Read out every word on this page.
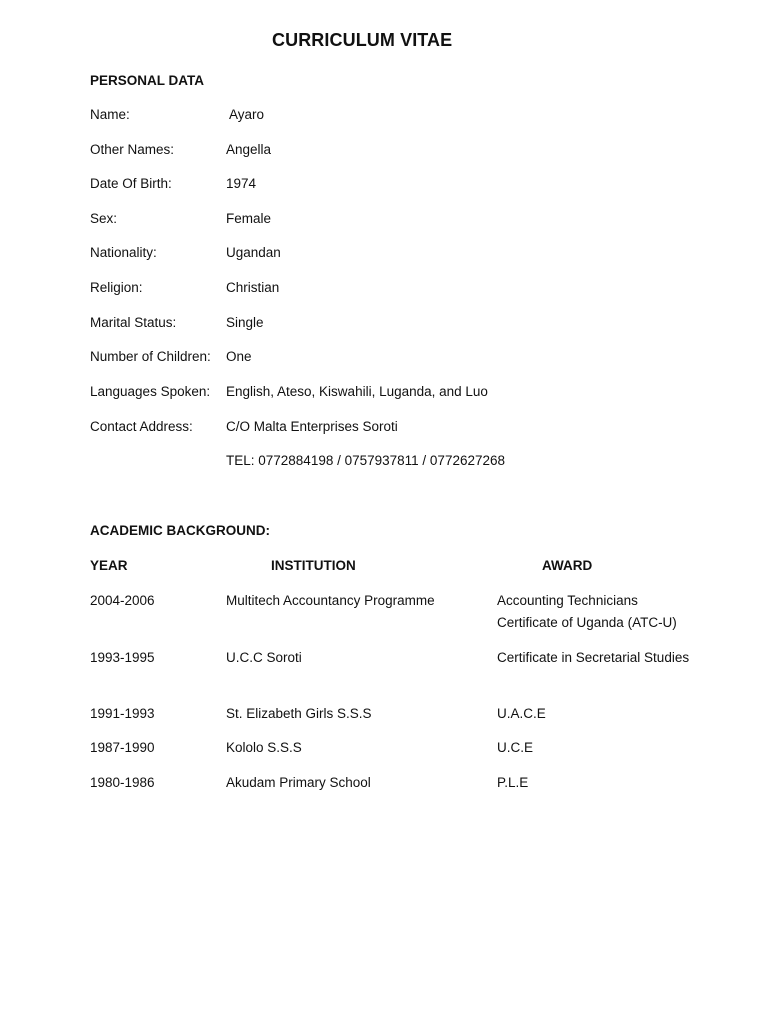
CURRICULUM VITAE
PERSONAL DATA
Name:	Ayaro
Other Names:	Angella
Date Of Birth:	1974
Sex:	Female
Nationality:	Ugandan
Religion:	Christian
Marital Status:	Single
Number of Children: One
Languages Spoken: English, Ateso, Kiswahili, Luganda, and Luo
Contact Address: C/O Malta Enterprises Soroti
TEL: 0772884198 / 0757937811 / 0772627268
ACADEMIC BACKGROUND:
YEAR	INSTITUTION	AWARD
2004-2006	Multitech Accountancy Programme	Accounting Technicians Certificate of Uganda (ATC-U)
1993-1995	U.C.C Soroti	Certificate in Secretarial Studies
1991-1993	St. Elizabeth Girls S.S.S	U.A.C.E
1987-1990	Kololo S.S.S	U.C.E
1980-1986	Akudam Primary School	P.L.E
